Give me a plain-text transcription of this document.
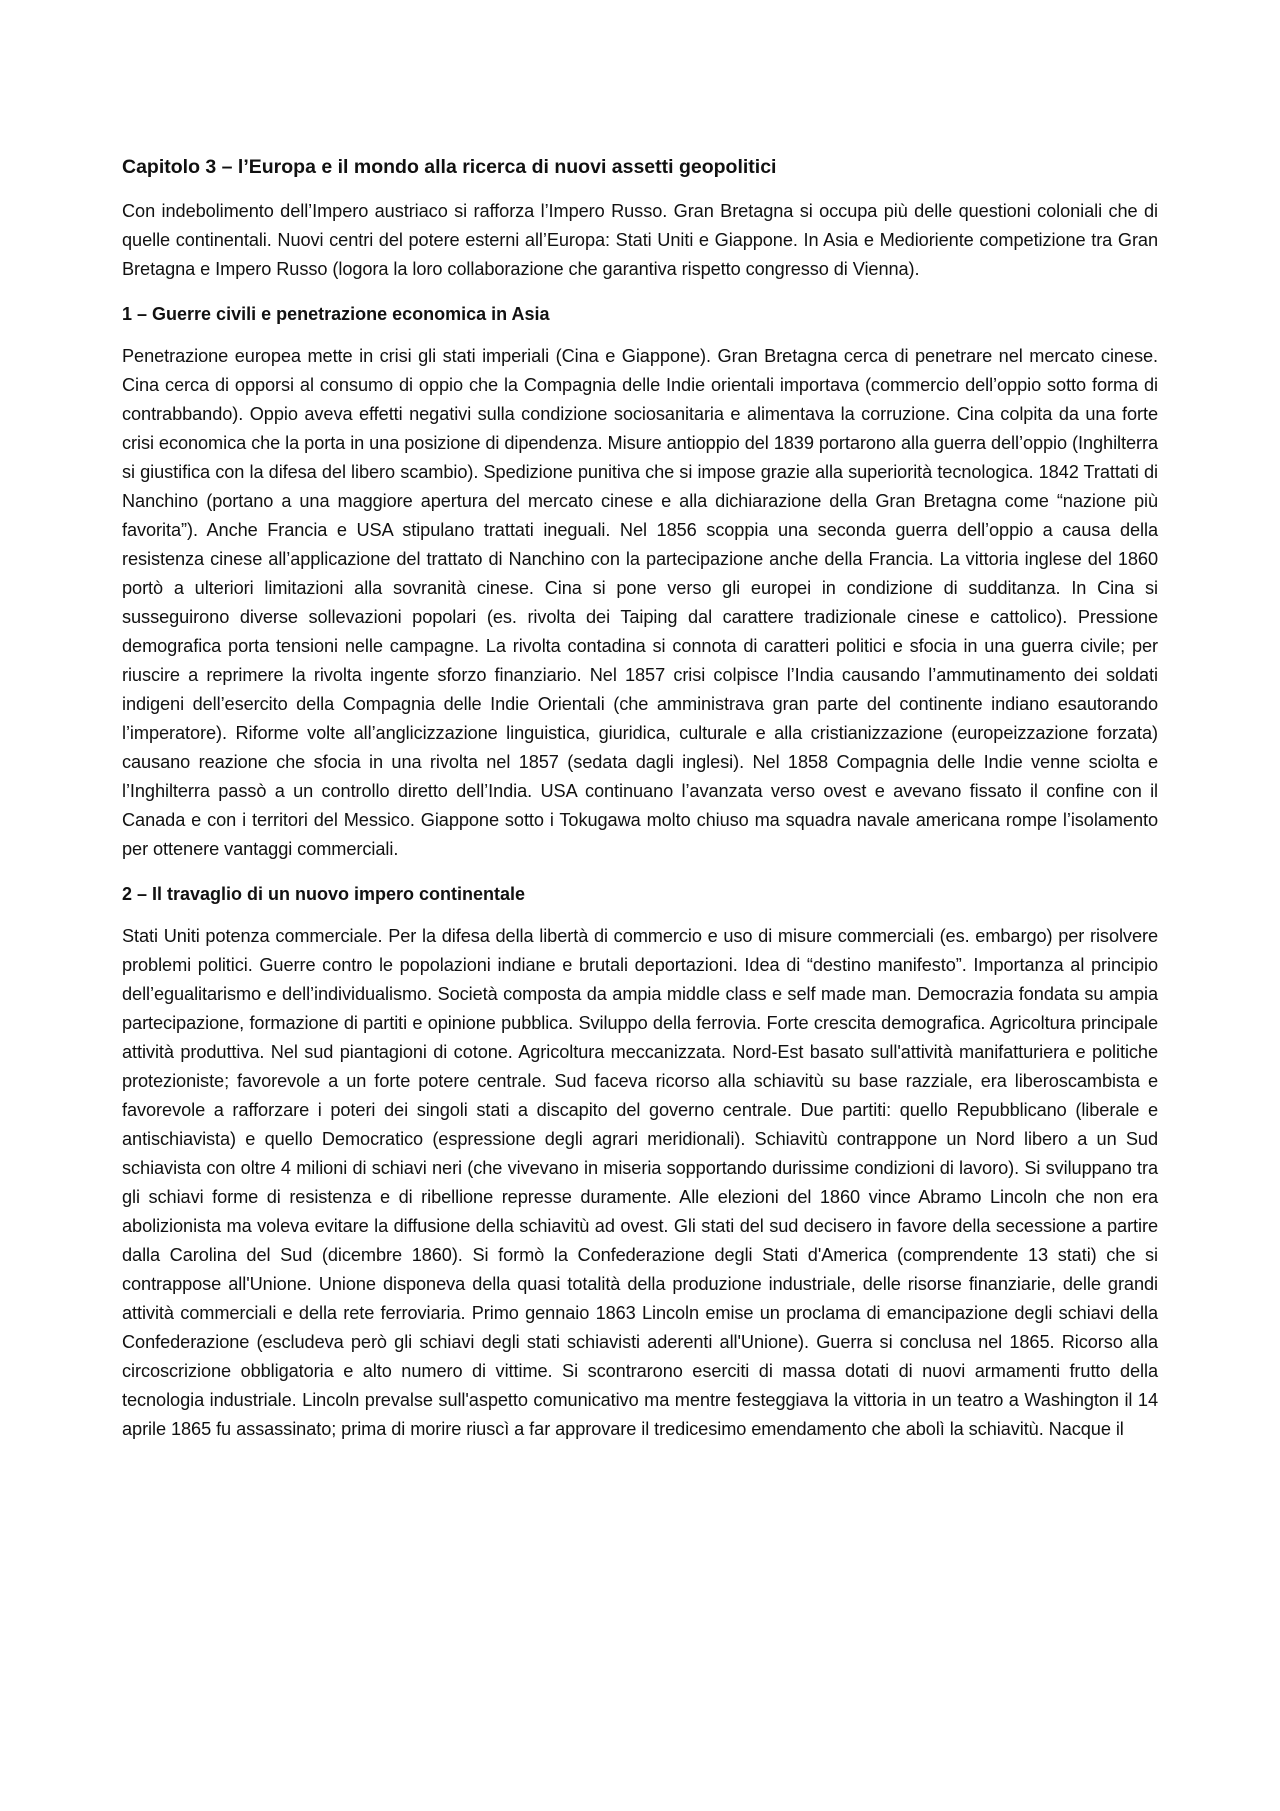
Capitolo 3 – l’Europa e il mondo alla ricerca di nuovi assetti geopolitici
Con indebolimento dell’Impero austriaco si rafforza l’Impero Russo. Gran Bretagna si occupa più delle questioni coloniali che di quelle continentali. Nuovi centri del potere esterni all’Europa: Stati Uniti e Giappone. In Asia e Medioriente competizione tra Gran Bretagna e Impero Russo (logora la loro collaborazione che garantiva rispetto congresso di Vienna).
1 – Guerre civili e penetrazione economica in Asia
Penetrazione europea mette in crisi gli stati imperiali (Cina e Giappone). Gran Bretagna cerca di penetrare nel mercato cinese. Cina cerca di opporsi al consumo di oppio che la Compagnia delle Indie orientali importava (commercio dell’oppio sotto forma di contrabbando). Oppio aveva effetti negativi sulla condizione sociosanitaria e alimentava la corruzione. Cina colpita da una forte crisi economica che la porta in una posizione di dipendenza. Misure antioppio del 1839 portarono alla guerra dell’oppio (Inghilterra si giustifica con la difesa del libero scambio). Spedizione punitiva che si impose grazie alla superiorità tecnologica. 1842 Trattati di Nanchino (portano a una maggiore apertura del mercato cinese e alla dichiarazione della Gran Bretagna come “nazione più favorita”). Anche Francia e USA stipulano trattati ineguali. Nel 1856 scoppia una seconda guerra dell’oppio a causa della resistenza cinese all’applicazione del trattato di Nanchino con la partecipazione anche della Francia. La vittoria inglese del 1860 portò a ulteriori limitazioni alla sovranità cinese. Cina si pone verso gli europei in condizione di sudditanza. In Cina si susseguirono diverse sollevazioni popolari (es. rivolta dei Taiping dal carattere tradizionale cinese e cattolico). Pressione demografica porta tensioni nelle campagne. La rivolta contadina si connota di caratteri politici e sfocia in una guerra civile; per riuscire a reprimere la rivolta ingente sforzo finanziario. Nel 1857 crisi colpisce l’India causando l’ammutinamento dei soldati indigeni dell’esercito della Compagnia delle Indie Orientali (che amministrava gran parte del continente indiano esautorando l’imperatore). Riforme volte all’anglicizzazione linguistica, giuridica, culturale e alla cristianizzazione (europeizzazione forzata) causano reazione che sfocia in una rivolta nel 1857 (sedata dagli inglesi). Nel 1858 Compagnia delle Indie venne sciolta e l’Inghilterra passò a un controllo diretto dell’India. USA continuano l’avanzata verso ovest e avevano fissato il confine con il Canada e con i territori del Messico. Giappone sotto i Tokugawa molto chiuso ma squadra navale americana rompe l’isolamento per ottenere vantaggi commerciali.
2 – Il travaglio di un nuovo impero continentale
Stati Uniti potenza commerciale. Per la difesa della libertà di commercio e uso di misure commerciali (es. embargo) per risolvere problemi politici. Guerre contro le popolazioni indiane e brutali deportazioni. Idea di “destino manifesto”. Importanza al principio dell’egualitarismo e dell’individualismo. Società composta da ampia middle class e self made man. Democrazia fondata su ampia partecipazione, formazione di partiti e opinione pubblica. Sviluppo della ferrovia. Forte crescita demografica. Agricoltura principale attività produttiva. Nel sud piantagioni di cotone. Agricoltura meccanizzata. Nord-Est basato sull'attività manifatturiera e politiche protezioniste; favorevole a un forte potere centrale. Sud faceva ricorso alla schiavitù su base razziale, era liberoscambista e favorevole a rafforzare i poteri dei singoli stati a discapito del governo centrale. Due partiti: quello Repubblicano (liberale e antischiavista) e quello Democratico (espressione degli agrari meridionali). Schiavitù contrappone un Nord libero a un Sud schiavista con oltre 4 milioni di schiavi neri (che vivevano in miseria sopportando durissime condizioni di lavoro). Si sviluppano tra gli schiavi forme di resistenza e di ribellione represse duramente. Alle elezioni del 1860 vince Abramo Lincoln che non era abolizionista ma voleva evitare la diffusione della schiavitù ad ovest. Gli stati del sud decisero in favore della secessione a partire dalla Carolina del Sud (dicembre 1860). Si formò la Confederazione degli Stati d'America (comprendente 13 stati) che si contrappose all'Unione. Unione disponeva della quasi totalità della produzione industriale, delle risorse finanziarie, delle grandi attività commerciali e della rete ferroviaria. Primo gennaio 1863 Lincoln emise un proclama di emancipazione degli schiavi della Confederazione (escludeva però gli schiavi degli stati schiavisti aderenti all'Unione). Guerra si conclusa nel 1865. Ricorso alla circoscrizione obbligatoria e alto numero di vittime. Si scontrarono eserciti di massa dotati di nuovi armamenti frutto della tecnologia industriale. Lincoln prevalse sull'aspetto comunicativo ma mentre festeggiava la vittoria in un teatro a Washington il 14 aprile 1865 fu assassinato; prima di morire riuscì a far approvare il tredicesimo emendamento che abolì la schiavitù. Nacque il
